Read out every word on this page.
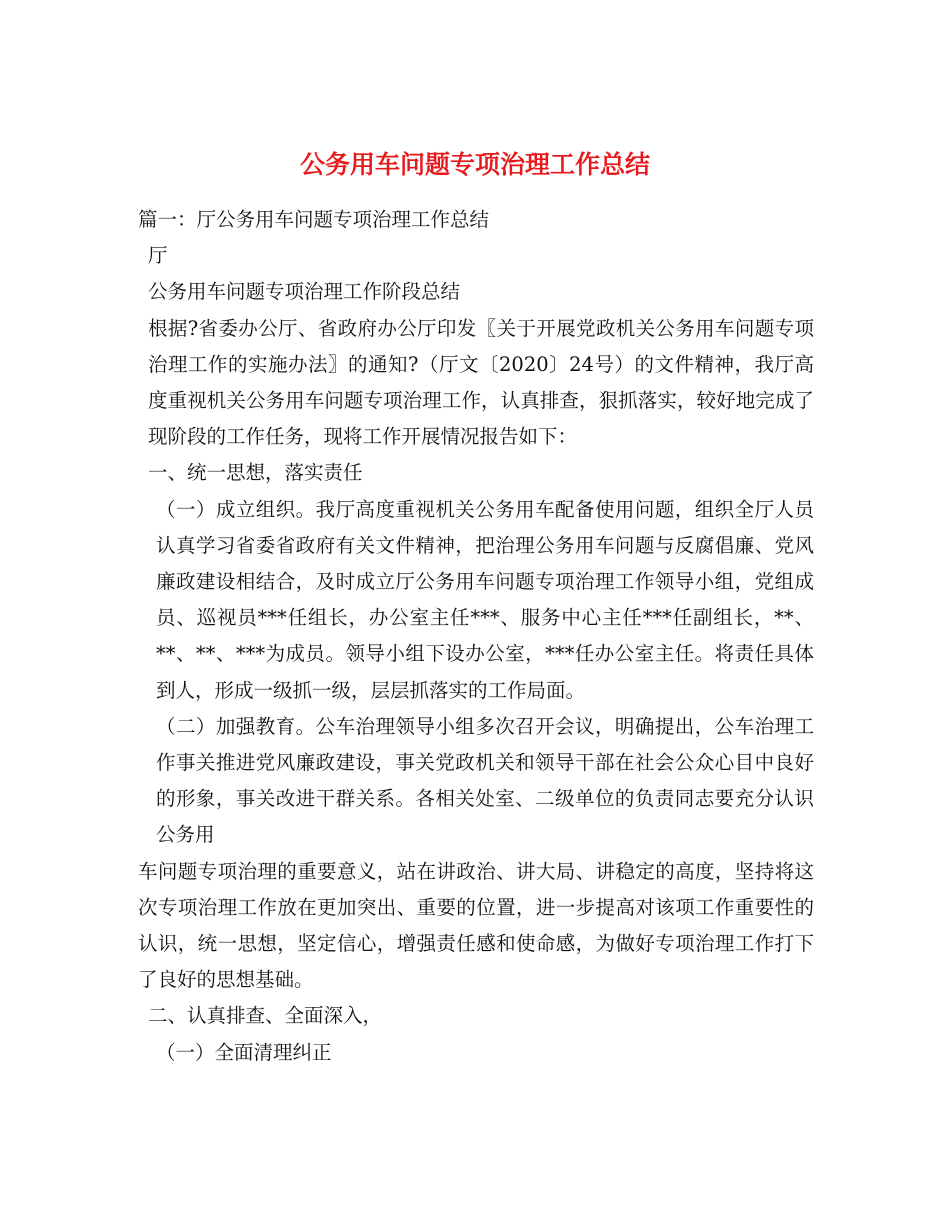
公务用车问题专项治理工作总结

篇一：厅公务用车问题专项治理工作总结

厅

公务用车问题专项治理工作阶段总结

根据?省委办公厅、省政府办公厅印发〖关于开展党政机关公务用车问题专项治理工作的实施办法〗的通知?（厅文〔2020〕24号）的文件精神，我厅高度重视机关公务用车问题专项治理工作，认真排查，狠抓落实，较好地完成了现阶段的工作任务，现将工作开展情况报告如下：

一、统一思想，落实责任

（一）成立组织。我厅高度重视机关公务用车配备使用问题，组织全厅人员认真学习省委省政府有关文件精神，把治理公务用车问题与反腐倡廉、党风廉政建设相结合，及时成立厅公务用车问题专项治理工作领导小组，党组成员、巡视员***任组长，办公室主任***、服务中心主任***任副组长，**、**、**、***为成员。领导小组下设办公室，***任办公室主任。将责任具体到人，形成一级抓一级，层层抓落实的工作局面。

（二）加强教育。公车治理领导小组多次召开会议，明确提出，公车治理工作事关推进党风廉政建设，事关党政机关和领导干部在社会公众心目中良好的形象，事关改进干群关系。各相关处室、二级单位的负责同志要充分认识公务用

车问题专项治理的重要意义，站在讲政治、讲大局、讲稳定的高度，坚持将这次专项治理工作放在更加突出、重要的位置，进一步提高对该项工作重要性的认识，统一思想，坚定信心，增强责任感和使命感，为做好专项治理工作打下了良好的思想基础。

二、认真排查、全面深入，

（一）全面清理纠正
